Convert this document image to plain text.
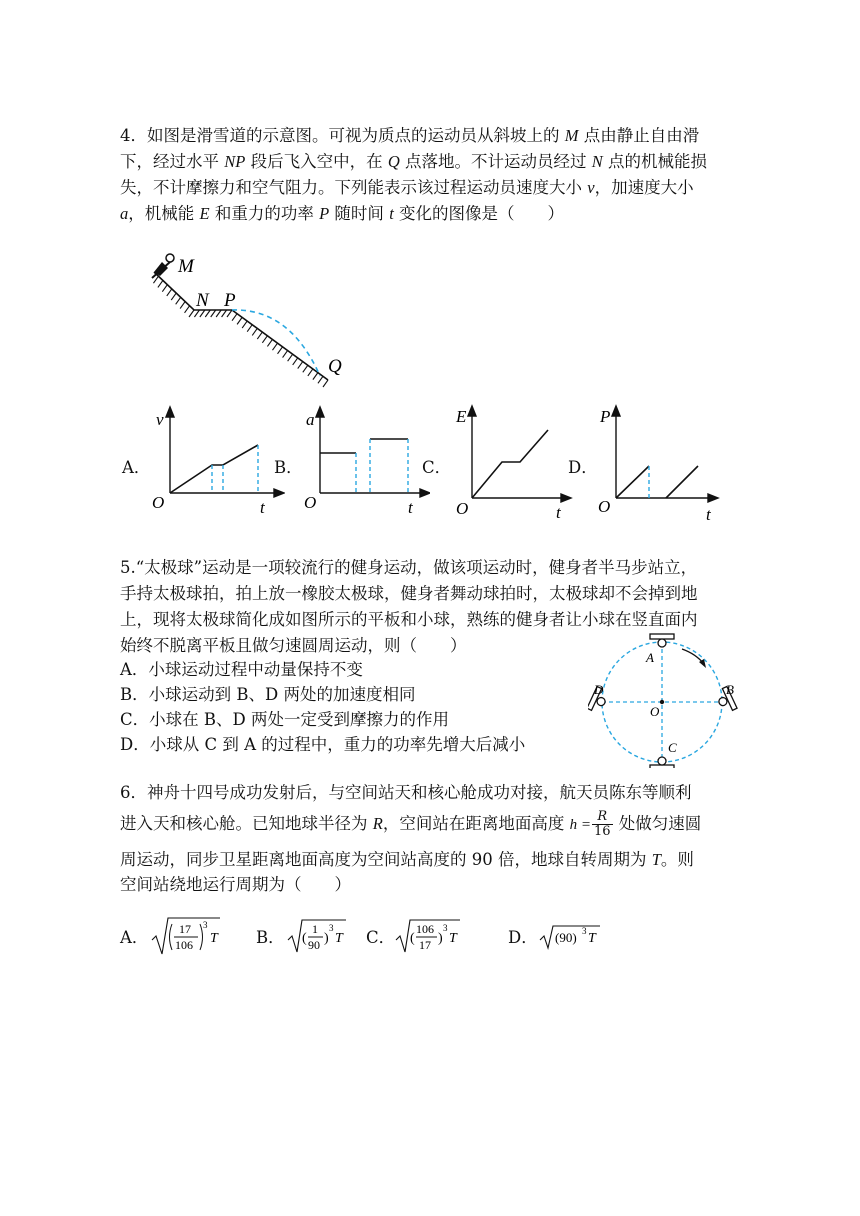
4．如图是滑雪道的示意图。可视为质点的运动员从斜坡上的 M 点由静止自由滑
下，经过水平 NP 段后飞入空中，在 Q 点落地。不计运动员经过 N 点的机械能损
失，不计摩擦力和空气阻力。下列能表示该过程运动员速度大小 v，加速度大小
a，机械能 E 和重力的功率 P 随时间 t 变化的图像是（　　）
M
N P
Q
A．
v
O	t
B．
a
O	t
C．
E
O	t
D．
P
O	t
5.“太极球”运动是一项较流行的健身运动，做该项运动时，健身者半马步站立，
手持太极球拍，拍上放一橡胶太极球，健身者舞动球拍时，太极球却不会掉到地
上，现将太极球简化成如图所示的平板和小球，熟练的健身者让小球在竖直面内
始终不脱离平板且做匀速圆周运动，则（　　）
A．小球运动过程中动量保持不变
B．小球运动到 B、D 两处的加速度相同
C．小球在 B、D 两处一定受到摩擦力的作用
D．小球从 C 到 A 的过程中，重力的功率先增大后减小
A
B
C
D
O
6．神舟十四号成功发射后，与空间站天和核心舱成功对接，航天员陈东等顺利
进入天和核心舱。已知地球半径为 R，空间站在距离地面高度 $h = \frac{R}{16}$ 处做匀速圆
周运动，同步卫星距离地面高度为空间站高度的 90 倍，地球自转周期为 T。则
空间站绕地运行周期为（　　）
A．	17
106
3
T B． (
1
90 )
3
T C． (
106
17 )
3
T	D． (90) 3 T
